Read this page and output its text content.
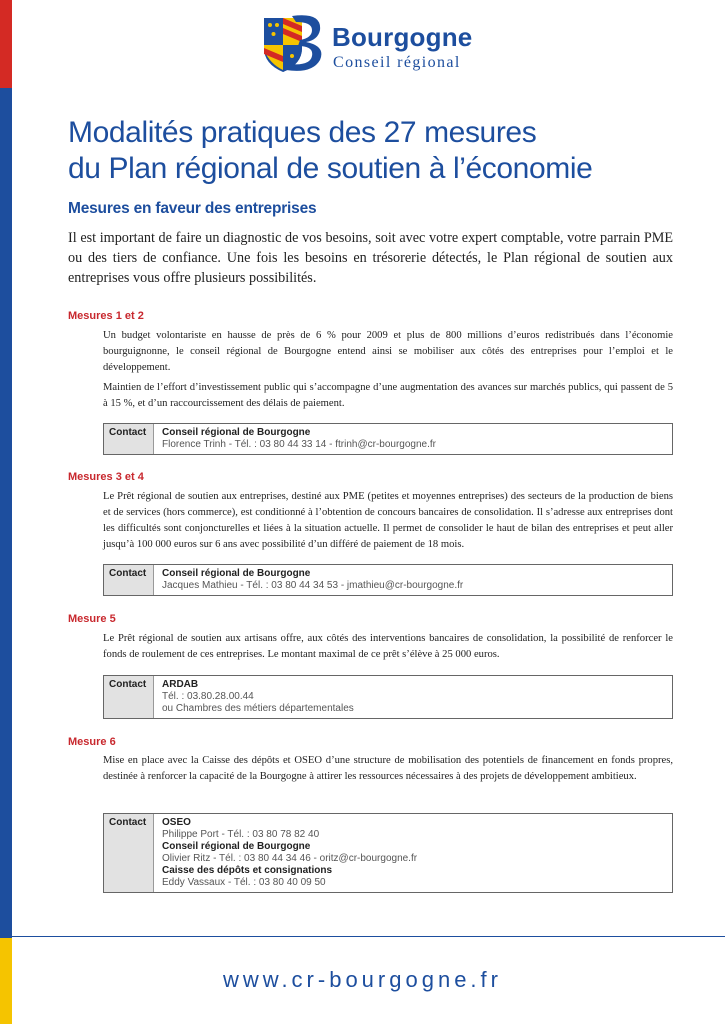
Bourgogne
Conseil régional
Modalités pratiques des 27 mesures
du Plan régional de soutien à l’économie
Mesures en faveur des entreprises

Il est important de faire un diagnostic de vos besoins, soit avec votre expert comptable, votre parrain PME ou des tiers de confiance. Une fois les besoins en trésorerie détectés, le Plan régional de soutien aux entreprises vous offre plusieurs possibilités.

Mesures 1 et 2

Un budget volontariste en hausse de près de 6 % pour 2009 et plus de 800 millions d’euros redistribués dans l’économie bourguignonne, le conseil régional de Bourgogne entend ainsi se mobiliser aux côtés des entreprises pour l’emploi et le développement.

Maintien de l’effort d’investissement public qui s’accompagne d’une augmentation des avances sur marchés publics, qui passent de 5 à 15 %, et d’un raccourcissement des délais de paiement.

Contact	Conseil régional de Bourgogne
Florence Trinh - Tél. : 03 80 44 33 14 - ftrinh@cr-bourgogne.fr
Mesures 3 et 4

Le Prêt régional de soutien aux entreprises, destiné aux PME (petites et moyennes entreprises) des secteurs de la production de biens et de services (hors commerce), est conditionné à l’obtention de concours bancaires de consolidation. Il s’adresse aux entreprises dont les difficultés sont conjoncturelles et liées à la situation actuelle. Il permet de consolider le haut de bilan des entreprises et peut aller jusqu’à 100 000 euros sur 6 ans avec possibilité d’un différé de paiement de 18 mois.

Contact	Conseil régional de Bourgogne
Jacques Mathieu - Tél. : 03 80 44 34 53 - jmathieu@cr-bourgogne.fr
Mesure 5

Le Prêt régional de soutien aux artisans offre, aux côtés des interventions bancaires de consolidation, la possibilité de renforcer le fonds de roulement de ces entreprises. Le montant maximal de ce prêt s’élève à 25 000 euros.

Contact	ARDAB
Tél. : 03.80.28.00.44
ou Chambres des métiers départementales
Mesure 6

Mise en place avec la Caisse des dépôts et OSEO d’une structure de mobilisation des potentiels de financement en fonds propres, destinée à renforcer la capacité de la Bourgogne à attirer les ressources nécessaires à des projets de développement ambitieux.

Contact	OSEO
Philippe Port - Tél. : 03 80 78 82 40
Conseil régional de Bourgogne
Olivier Ritz - Tél. : 03 80 44 34 46 - oritz@cr-bourgogne.fr
Caisse des dépôts et consignations
Eddy Vassaux - Tél. : 03 80 40 09 50

www.cr-bourgogne.fr
